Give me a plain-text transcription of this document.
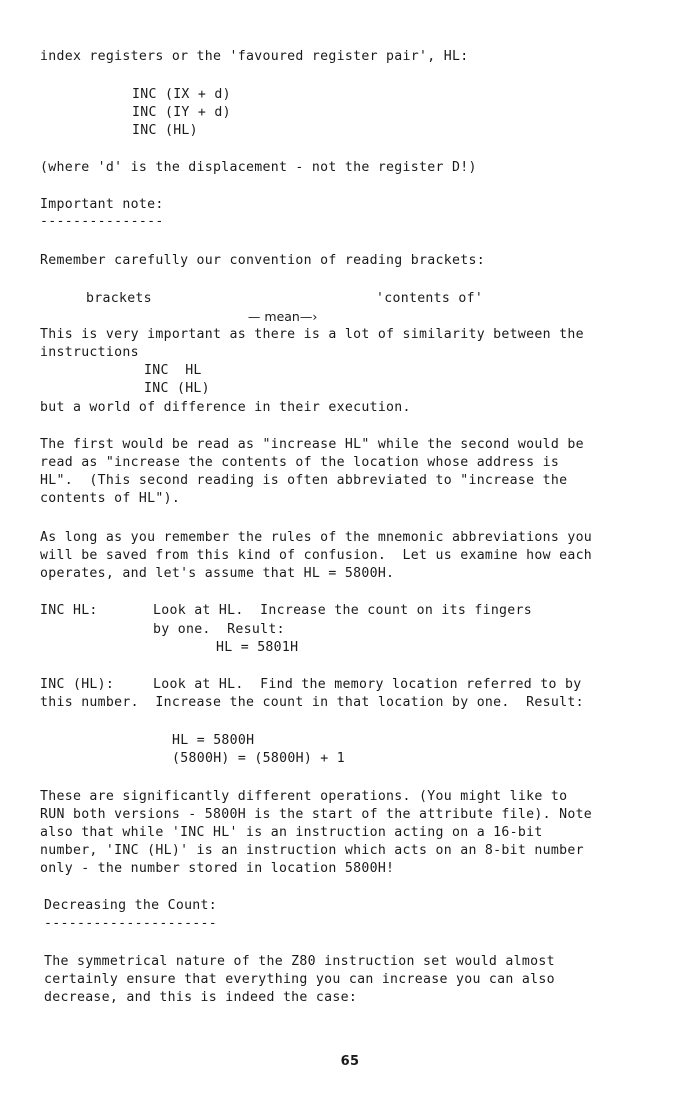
index registers or the 'favoured register pair', HL:
INC (IX + d)
INC (IY + d)
INC (HL)
(where 'd' is the displacement - not the register D!)
Important note:
---------------
Remember carefully our convention of reading brackets:
brackets

— mean—›

'contents of'
This is very important as there is a lot of similarity between the
instructions
INC  HL
INC (HL)
but a world of difference in their execution.
The first would be read as "increase HL" while the second would be
read as "increase the contents of the location whose address is
HL".  (This second reading is often abbreviated to "increase the
contents of HL").
As long as you remember the rules of the mnemonic abbreviations you
will be saved from this kind of confusion.  Let us examine how each
operates, and let's assume that HL = 5800H.
INC HL:	Look at HL.  Increase the count on its fingers
by one.  Result:
HL = 5801H
INC (HL):	Look at HL.  Find the memory location referred to by
this number.  Increase the count in that location by one.  Result:
HL = 5800H
(5800H) = (5800H) + 1
These are significantly different operations. (You might like to
RUN both versions - 5800H is the start of the attribute file). Note
also that while 'INC HL' is an instruction acting on a 16-bit
number, 'INC (HL)' is an instruction which acts on an 8-bit number
only - the number stored in location 5800H!
Decreasing the Count:
---------------------
The symmetrical nature of the Z80 instruction set would almost
certainly ensure that everything you can increase you can also
decrease, and this is indeed the case:
65
